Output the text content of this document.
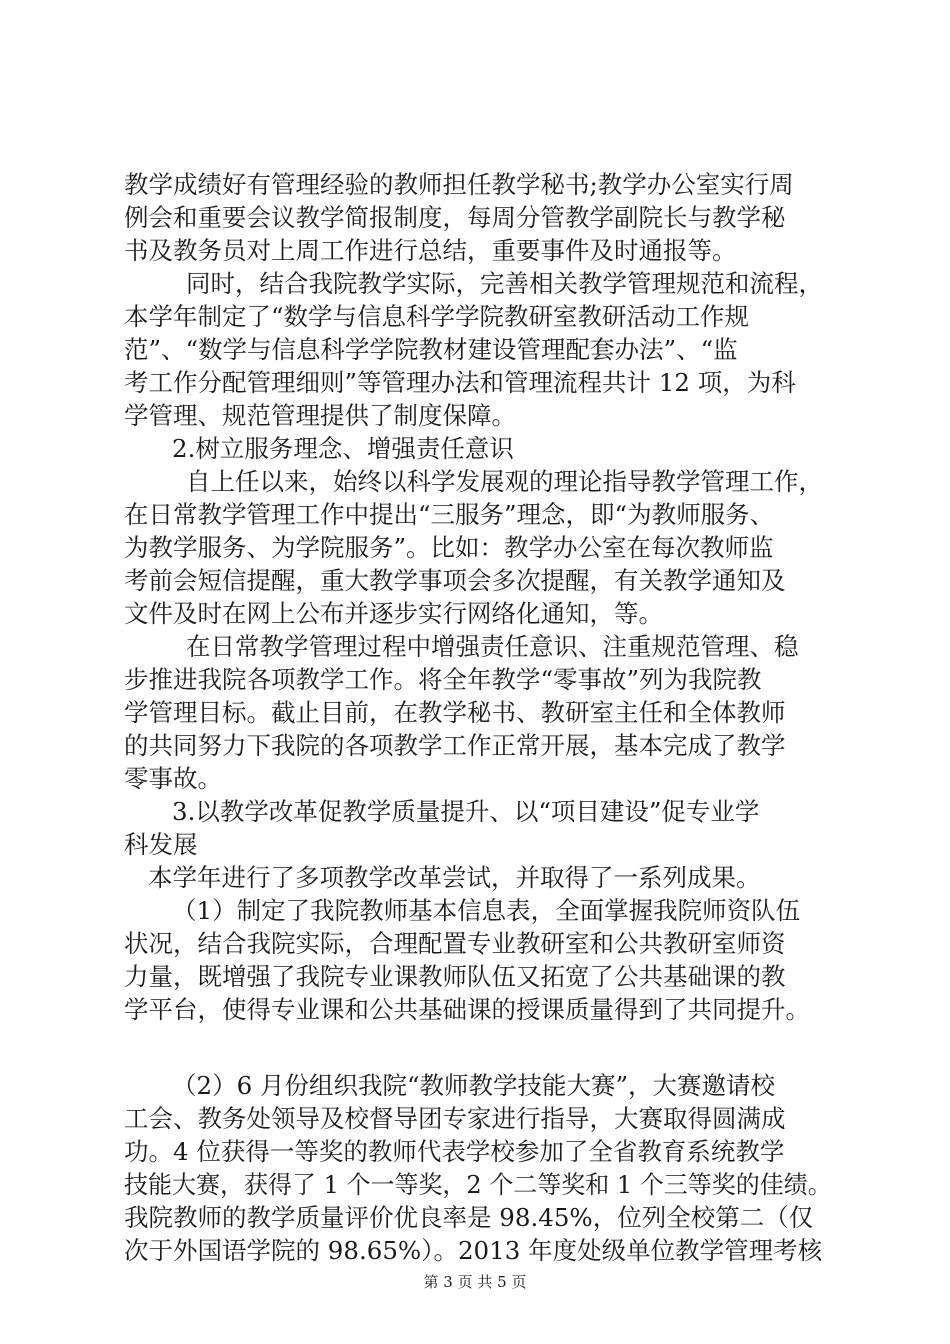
教学成绩好有管理经验的教师担任教学秘书;教学办公室实行周
例会和重要会议教学简报制度，每周分管教学副院长与教学秘
书及教务员对上周工作进行总结，重要事件及时通报等。
同时，结合我院教学实际，完善相关教学管理规范和流程，
本学年制定了“数学与信息科学学院教研室教研活动工作规
范”、“数学与信息科学学院教材建设管理配套办法”、“监
考工作分配管理细则”等管理办法和管理流程共计 12 项，为科
学管理、规范管理提供了制度保障。
2.树立服务理念、增强责任意识
自上任以来，始终以科学发展观的理论指导教学管理工作，
在日常教学管理工作中提出“三服务”理念，即“为教师服务、
为教学服务、为学院服务”。比如：教学办公室在每次教师监
考前会短信提醒，重大教学事项会多次提醒，有关教学通知及
文件及时在网上公布并逐步实行网络化通知，等。
在日常教学管理过程中增强责任意识、注重规范管理、稳
步推进我院各项教学工作。将全年教学“零事故”列为我院教
学管理目标。截止目前，在教学秘书、教研室主任和全体教师
的共同努力下我院的各项教学工作正常开展，基本完成了教学
零事故。
3.以教学改革促教学质量提升、以“项目建设”促专业学
科发展
本学年进行了多项教学改革尝试，并取得了一系列成果。
（1）制定了我院教师基本信息表，全面掌握我院师资队伍
状况，结合我院实际，合理配置专业教研室和公共教研室师资
力量，既增强了我院专业课教师队伍又拓宽了公共基础课的教
学平台，使得专业课和公共基础课的授课质量得到了共同提升。
（2）6 月份组织我院“教师教学技能大赛”，大赛邀请校
工会、教务处领导及校督导团专家进行指导，大赛取得圆满成
功。4 位获得一等奖的教师代表学校参加了全省教育系统教学
技能大赛，获得了 1 个一等奖，2 个二等奖和 1 个三等奖的佳绩。
我院教师的教学质量评价优良率是 98.45%，位列全校第二（仅
次于外国语学院的 98.65%）。2013 年度处级单位教学管理考核
第 3 页 共 5 页
